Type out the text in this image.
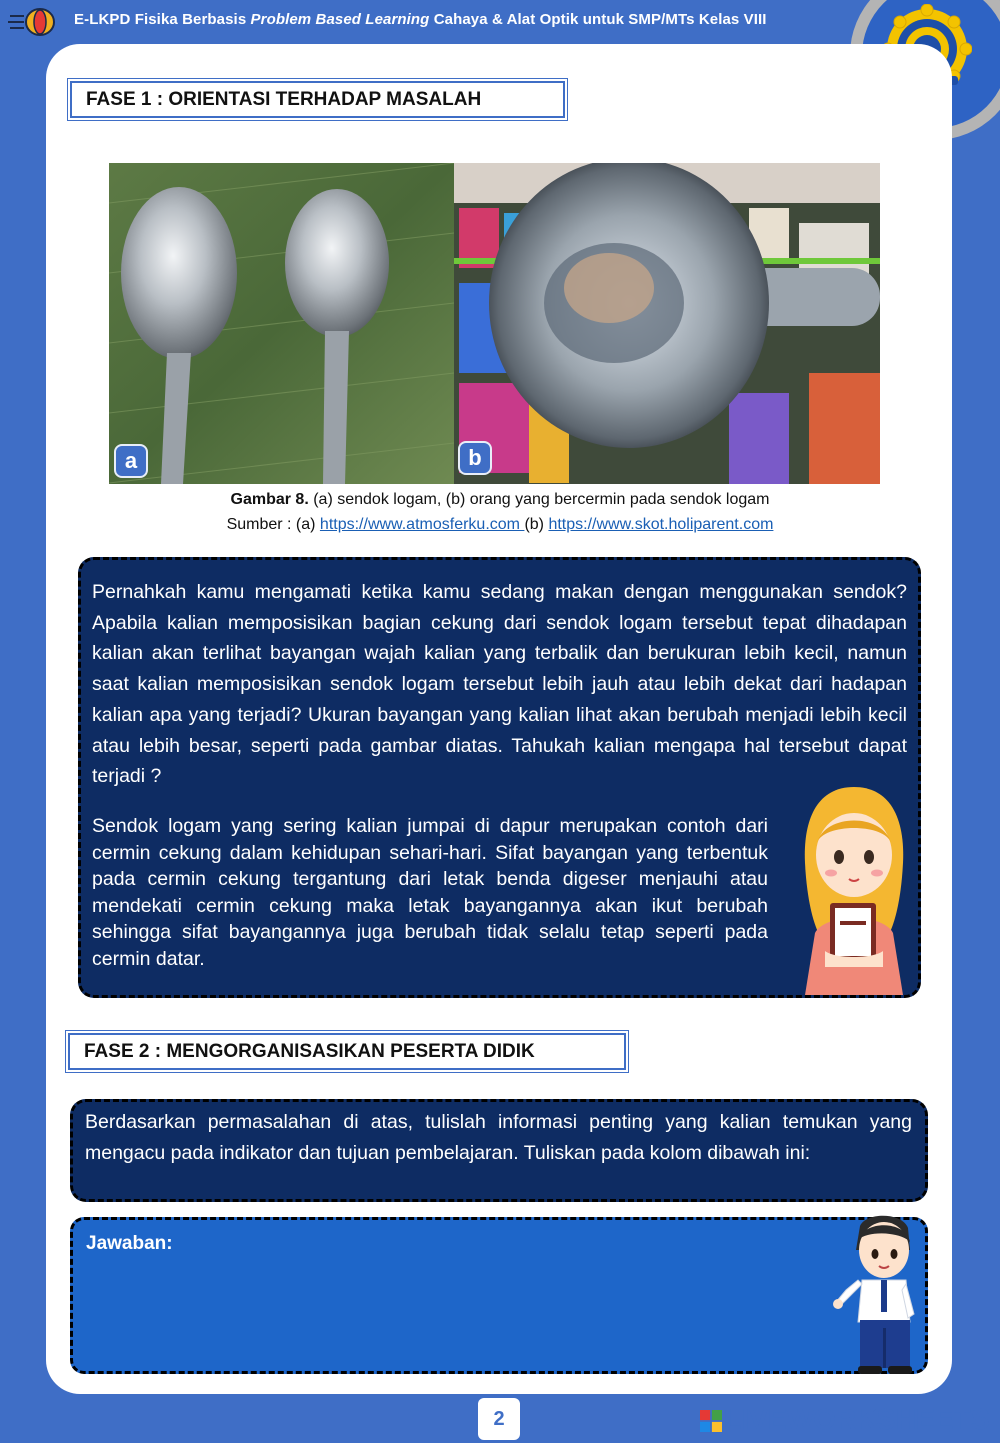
E-LKPD Fisika Berbasis Problem Based Learning Cahaya & Alat Optik untuk SMP/MTs Kelas VIII
FASE 1 : ORIENTASI TERHADAP MASALAH
a	b
Gambar 8. (a) sendok logam, (b) orang yang bercermin pada sendok logam
Sumber : (a) https://www.atmosferku.com (b) https://www.skot.holiparent.com
Pernahkah kamu mengamati ketika kamu sedang makan dengan menggunakan sendok? Apabila kalian memposisikan bagian cekung dari sendok logam tersebut tepat dihadapan kalian akan terlihat bayangan wajah kalian yang terbalik dan berukuran lebih kecil, namun saat kalian memposisikan sendok logam tersebut lebih jauh atau lebih dekat dari hadapan kalian apa yang terjadi? Ukuran bayangan yang kalian lihat akan berubah menjadi lebih kecil atau lebih besar, seperti pada gambar diatas. Tahukah kalian mengapa hal tersebut dapat terjadi ?
Sendok logam yang sering kalian jumpai di dapur merupakan contoh dari cermin cekung dalam kehidupan sehari-hari. Sifat bayangan yang terbentuk pada cermin cekung tergantung dari letak benda digeser menjauhi atau mendekati cermin cekung maka letak bayangannya akan ikut berubah sehingga sifat bayangannya juga berubah tidak selalu tetap seperti pada cermin datar.
FASE 2 : MENGORGANISASIKAN PESERTA DIDIK
Berdasarkan permasalahan di atas, tulislah informasi penting yang kalian temukan yang mengacu pada indikator dan tujuan pembelajaran. Tuliskan pada kolom dibawah ini:
Jawaban:
2	LIVEWORKSHEETS
